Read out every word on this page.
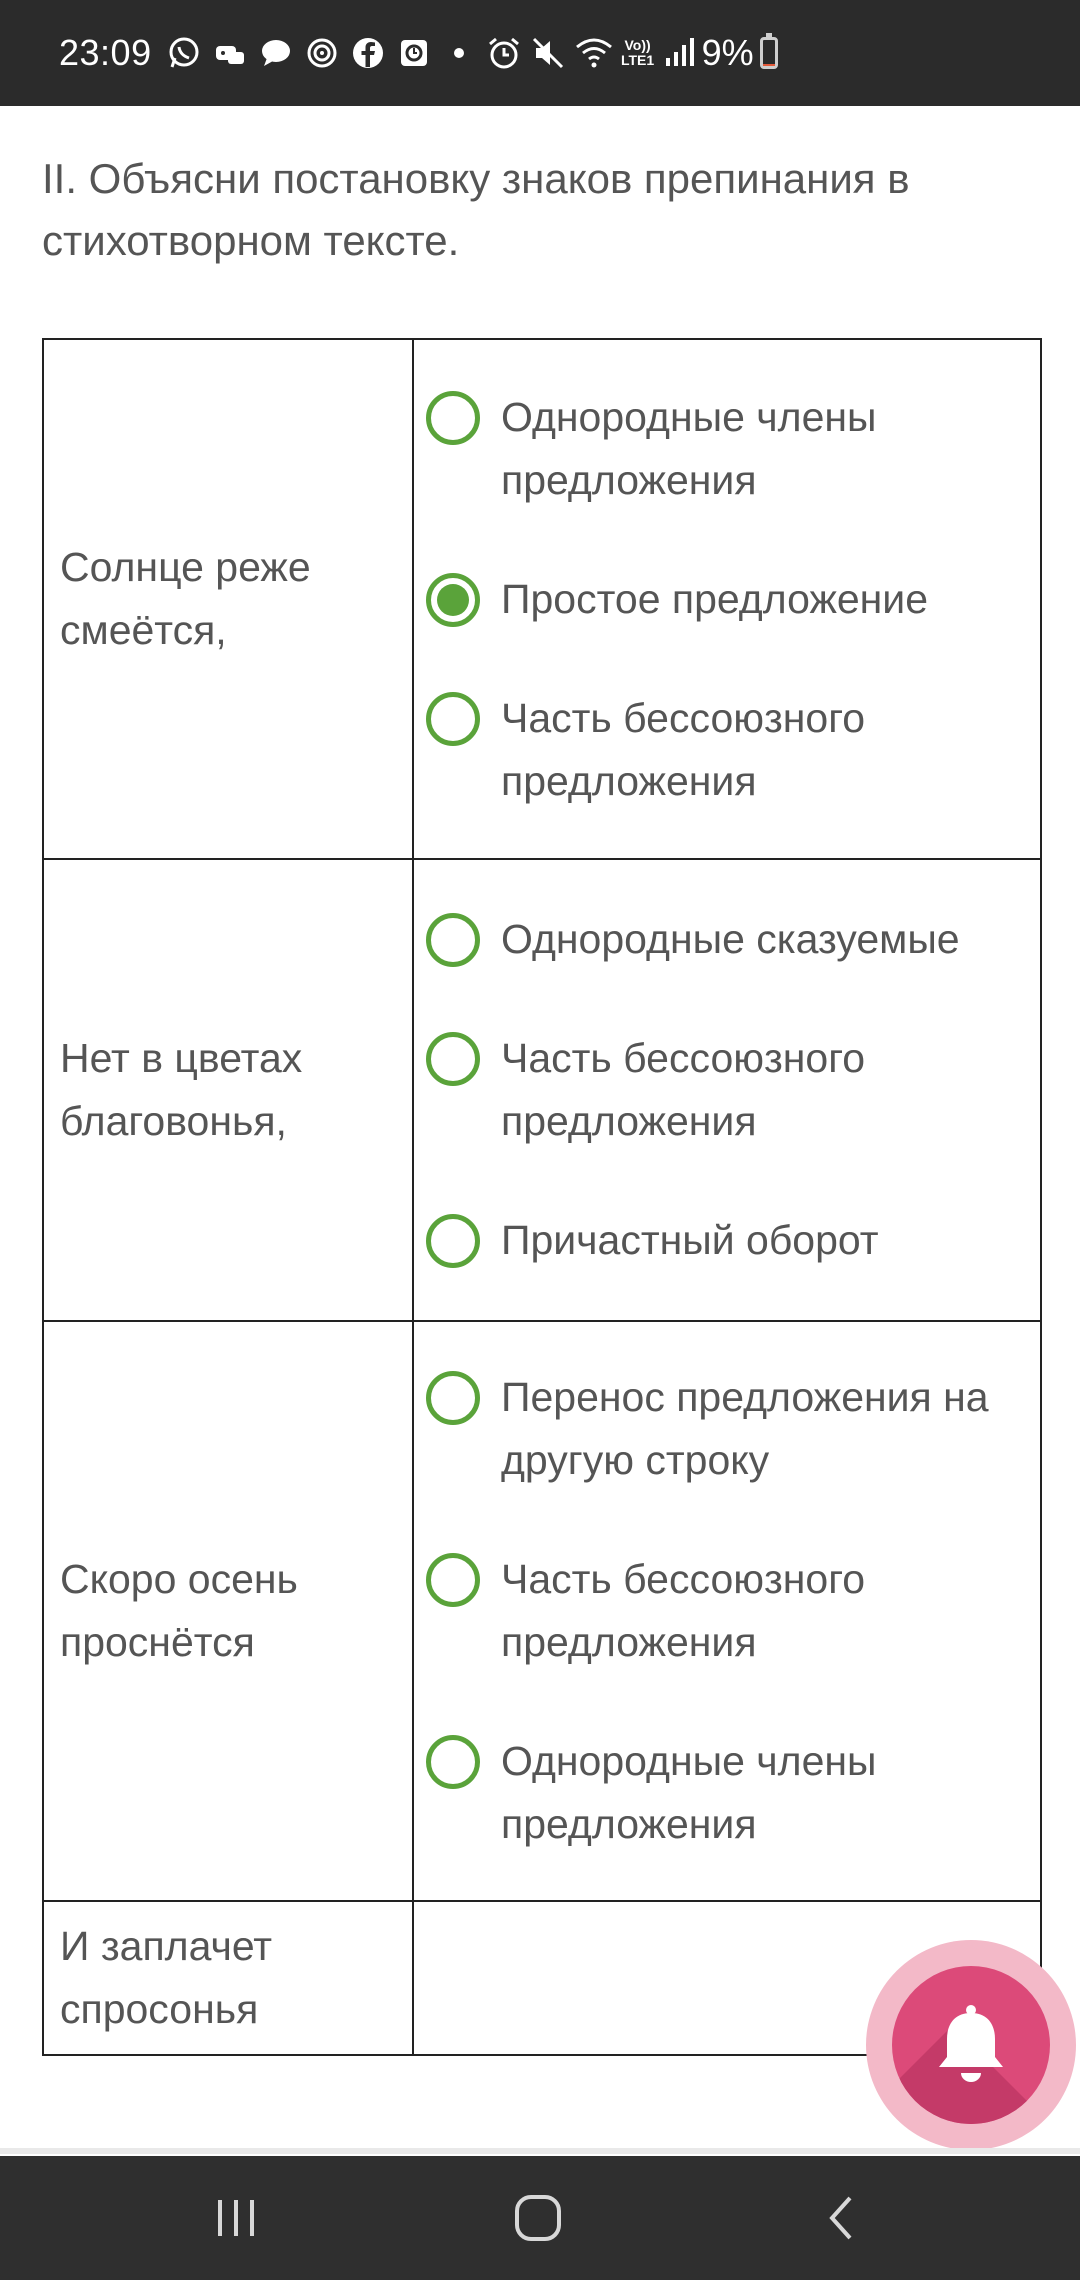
23:09	Vo)) LTE1 9%
II. Объясни постановку знаков препинания в стихотворном тексте.
Солнце реже смеётся,	Однородные члены предложения
Простое предложение
Часть бессоюзного предложения

Нет в цветах благовонья,	Однородные сказуемые
Часть бессоюзного предложения
Причастный оборот

Скоро осень проснётся	Перенос предложения на другую строку
Часть бессоюзного предложения
Однородные члены предложения

И заплачет спросонья	
